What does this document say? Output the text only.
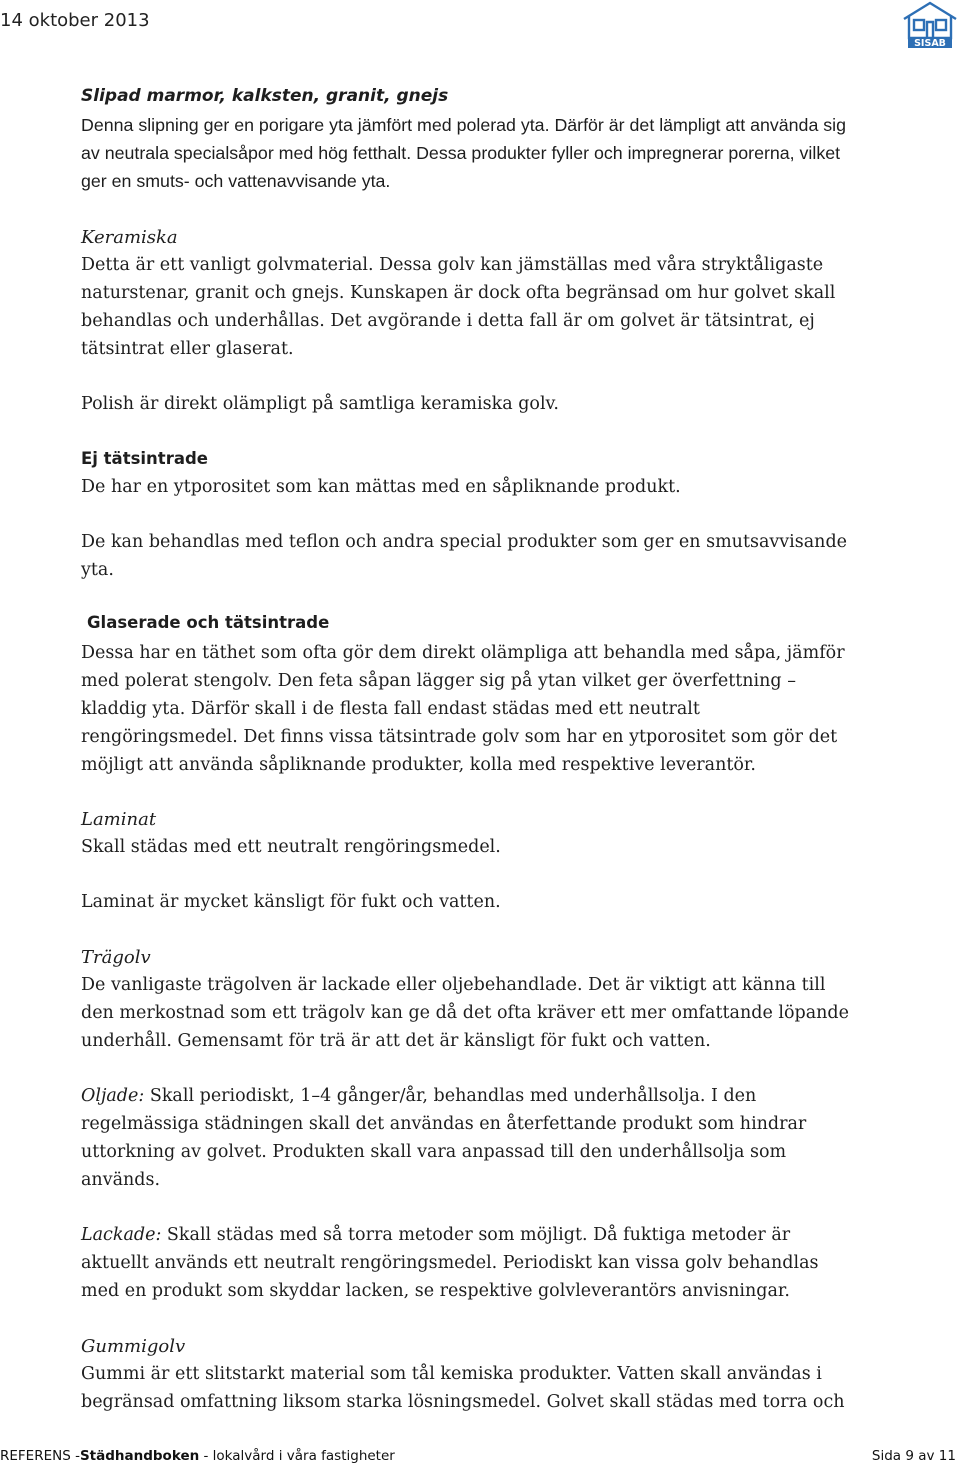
14 oktober 2013
SISAB
Slipad marmor, kalksten, granit, gnejs
Denna slipning ger en porigare yta jämfört med polerad yta. Därför är det lämpligt att använda sig
av neutrala specialsåpor med hög fetthalt. Dessa produkter fyller och impregnerar porerna, vilket
ger en smuts- och vattenavvisande yta.
Keramiska
Detta är ett vanligt golvmaterial. Dessa golv kan jämställas med våra stryktåligaste
naturstenar, granit och gnejs. Kunskapen är dock ofta begränsad om hur golvet skall
behandlas och underhållas. Det avgörande i detta fall är om golvet är tätsintrat, ej
tätsintrat eller glaserat.
Polish är direkt olämpligt på samtliga keramiska golv.
Ej tätsintrade
De har en ytporositet som kan mättas med en såpliknande produkt.
De kan behandlas med teflon och andra special produkter som ger en smutsavvisande
yta.
Glaserade och tätsintrade
Dessa har en täthet som ofta gör dem direkt olämpliga att behandla med såpa, jämför
med polerat stengolv. Den feta såpan lägger sig på ytan vilket ger överfettning –
kladdig yta. Därför skall i de flesta fall endast städas med ett neutralt
rengöringsmedel. Det finns vissa tätsintrade golv som har en ytporositet som gör det
möjligt att använda såpliknande produkter, kolla med respektive leverantör.
Laminat
Skall städas med ett neutralt rengöringsmedel.
Laminat är mycket känsligt för fukt och vatten.
Trägolv
De vanligaste trägolven är lackade eller oljebehandlade. Det är viktigt att känna till
den merkostnad som ett trägolv kan ge då det ofta kräver ett mer omfattande löpande
underhåll. Gemensamt för trä är att det är känsligt för fukt och vatten.
Oljade: Skall periodiskt, 1–4 gånger/år, behandlas med underhållsolja. I den
regelmässiga städningen skall det användas en återfettande produkt som hindrar
uttorkning av golvet. Produkten skall vara anpassad till den underhållsolja som
används.
Lackade: Skall städas med så torra metoder som möjligt. Då fuktiga metoder är
aktuellt används ett neutralt rengöringsmedel. Periodiskt kan vissa golv behandlas
med en produkt som skyddar lacken, se respektive golvleverantörs anvisningar.
Gummigolv
Gummi är ett slitstarkt material som tål kemiska produkter. Vatten skall användas i
begränsad omfattning liksom starka lösningsmedel. Golvet skall städas med torra och
REFERENS -Städhandboken - lokalvård i våra fastigheter	Sida 9 av 11
